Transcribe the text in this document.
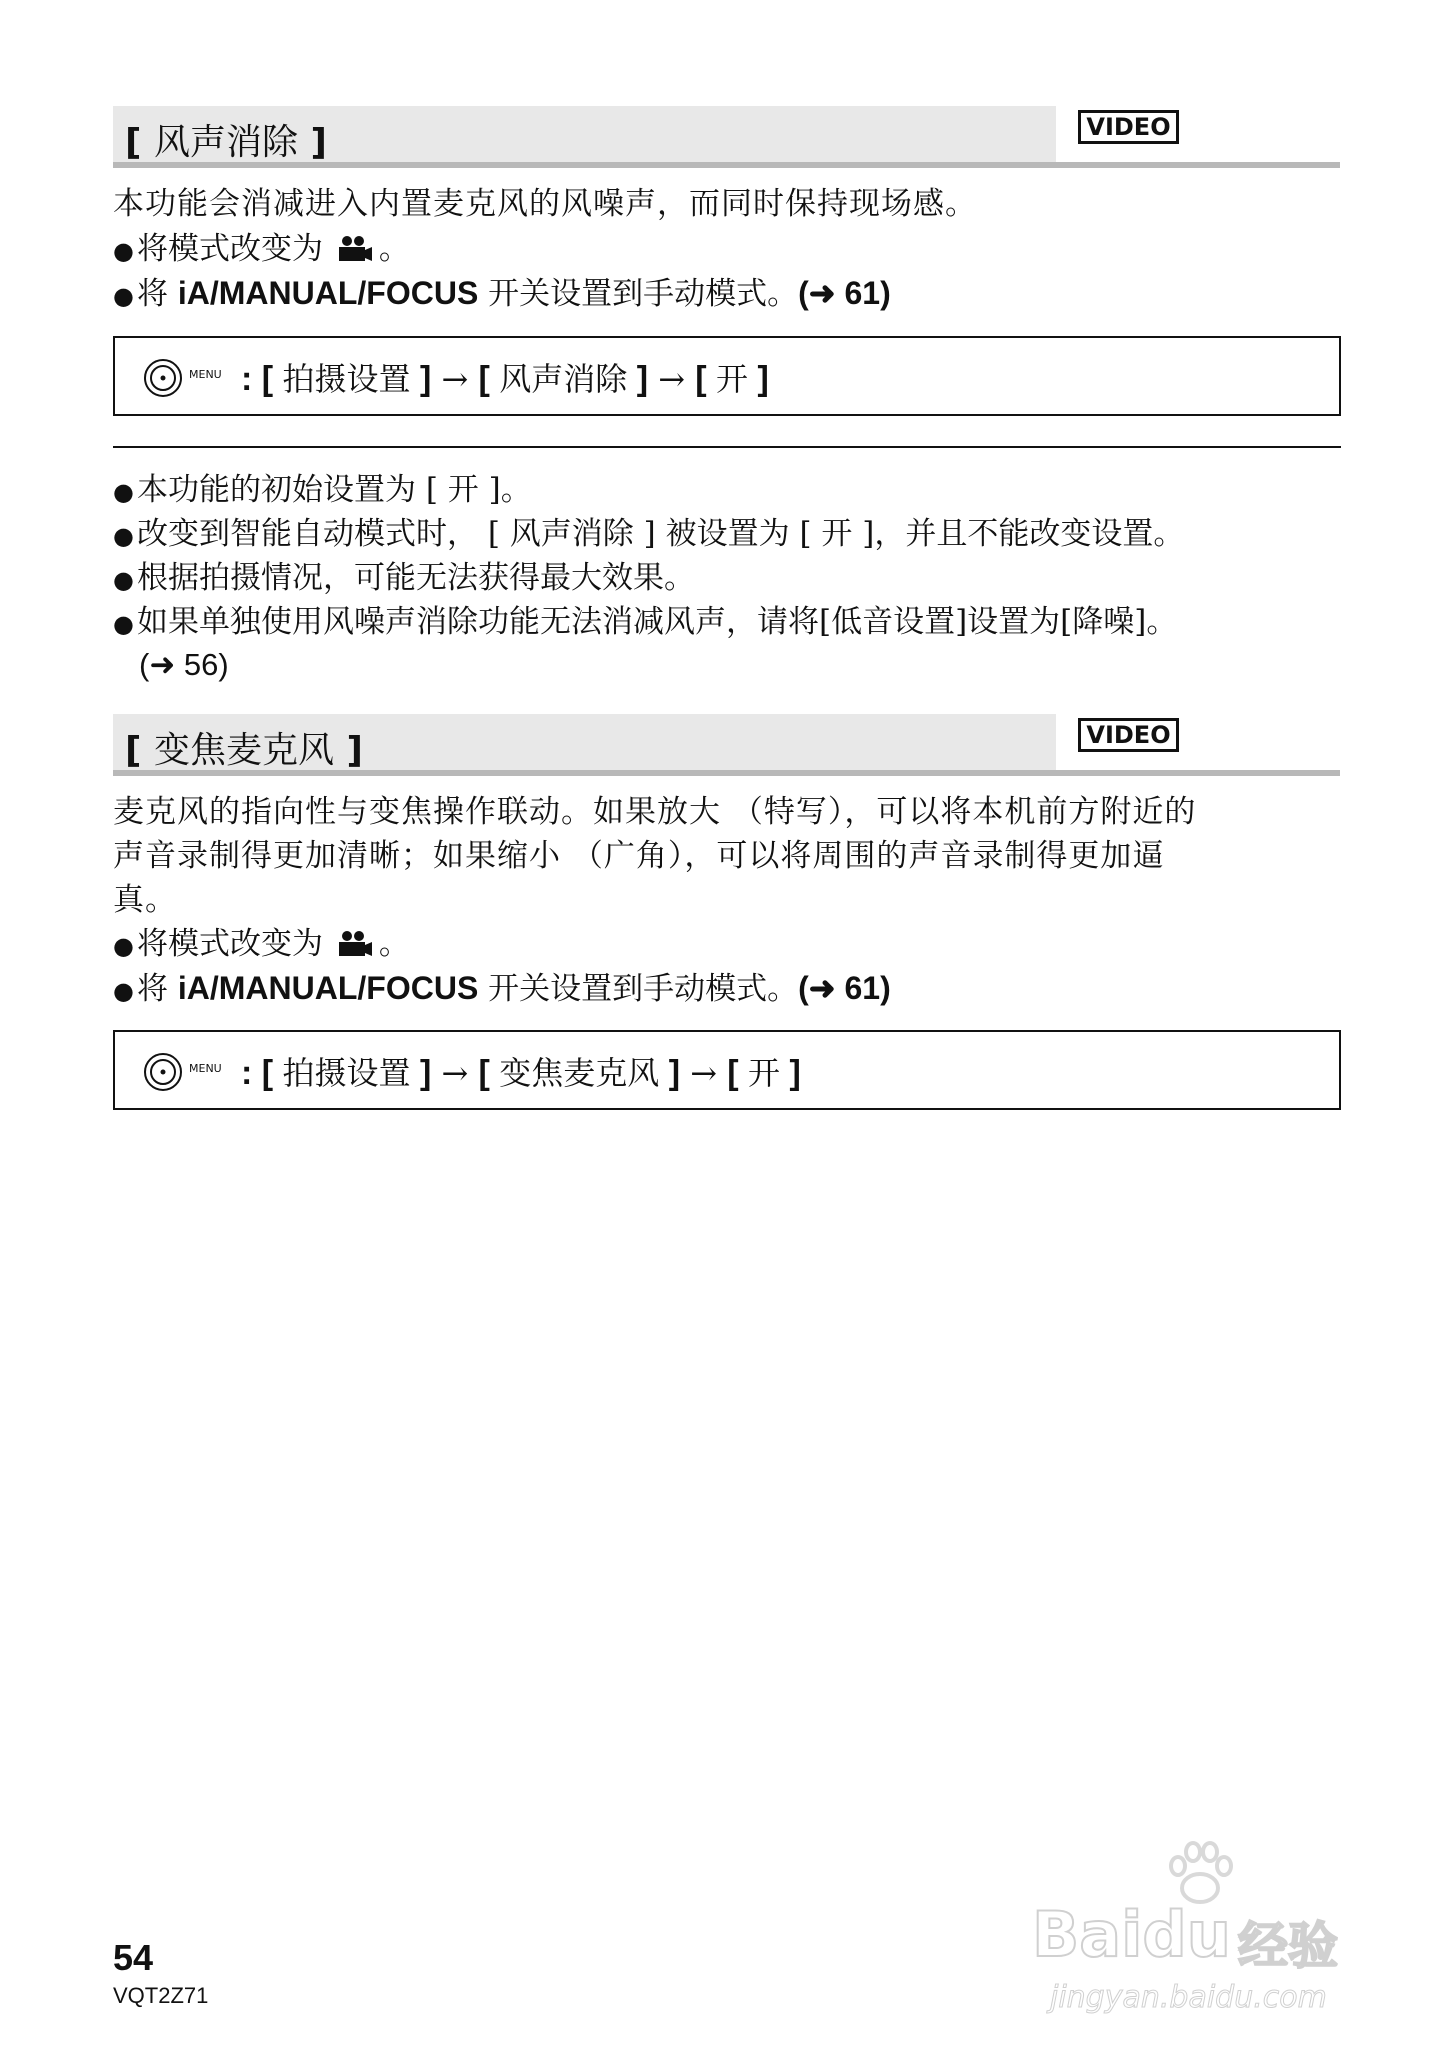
[ 风声消除 ]	VIDEO
本功能会消减进入内置麦克风的风噪声，而同时保持现场感。
●将模式改变为 。
●将 iA/MANUAL/FOCUS 开关设置到手动模式。(➜ 61)
MENU : [ 拍摄设置 ] → [ 风声消除 ] → [ 开 ]
●本功能的初始设置为 [ 开 ]。
●改变到智能自动模式时， [ 风声消除 ] 被设置为 [ 开 ]，并且不能改变设置。
●根据拍摄情况，可能无法获得最大效果。
●如果单独使用风噪声消除功能无法消减风声，请将[低音设置]设置为[降噪]。
(➜ 56)
[ 变焦麦克风 ]	VIDEO
麦克风的指向性与变焦操作联动。如果放大 （特写），可以将本机前方附近的
声音录制得更加清晰；如果缩小 （广角），可以将周围的声音录制得更加逼
真。
●将模式改变为 。
●将 iA/MANUAL/FOCUS 开关设置到手动模式。(➜ 61)
MENU : [ 拍摄设置 ] → [ 变焦麦克风 ] → [ 开 ]
54
VQT2Z71
Baidu 经验
jingyan.baidu.com
